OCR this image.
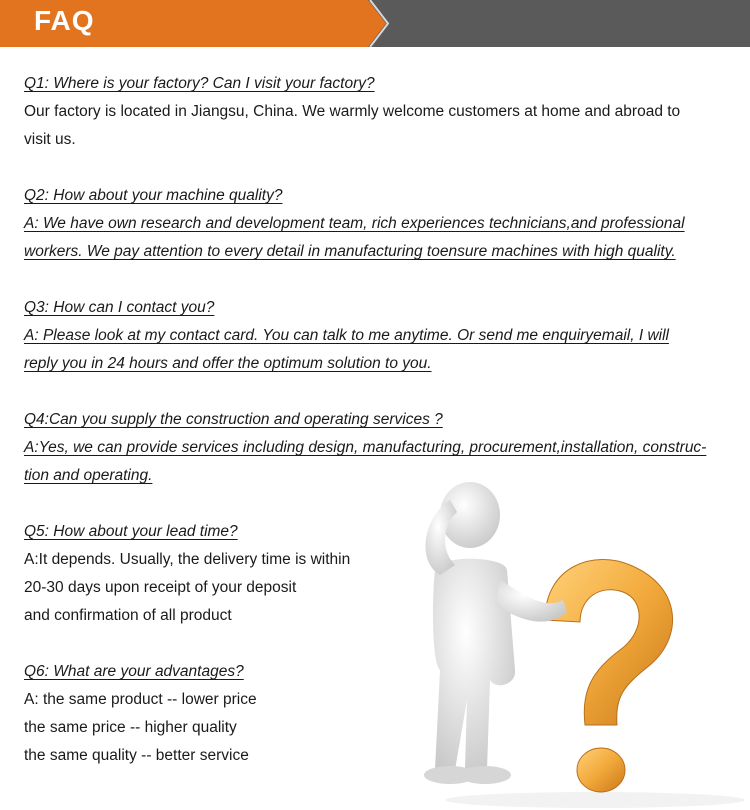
FAQ
Q1: Where is your factory? Can I visit your factory?
Our factory is located in Jiangsu, China. We warmly welcome customers at home and abroad to
visit us.
Q2: How about your machine quality?
A: We have own research and development team, rich experiences technicians,and professional
workers. We pay attention to every detail in manufacturing toensure machines with high quality.
Q3: How can I contact you?
A: Please look at my contact card. You can talk to me anytime. Or send me enquiryemail, I will
reply you in 24 hours and offer the optimum solution to you.
Q4:Can you supply the construction and operating services ?
A:Yes, we can provide services including design, manufacturing, procurement,installation, construc-
tion and operating.
Q5: How about your lead time?
A:It depends. Usually, the delivery time is within
20-30 days upon receipt of your deposit
and confirmation of all product
Q6: What are your advantages?
A: the same product -- lower price
the same price -- higher quality
the same quality -- better service
